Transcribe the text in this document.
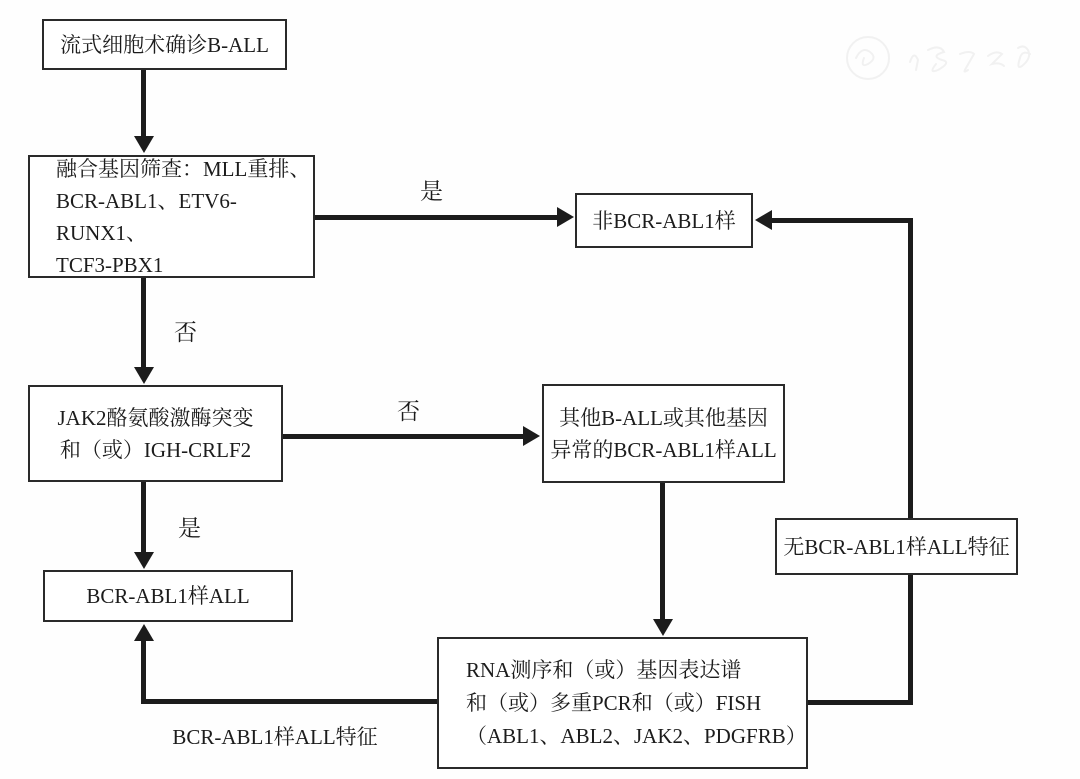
流式细胞术确诊B-ALL
融合基因筛查：MLL重排、
BCR-ABL1、ETV6-RUNX1、
TCF3-PBX1
非BCR-ABL1样
JAK2酪氨酸激酶突变
和（或）IGH-CRLF2
其他B-ALL或其他基因
异常的BCR-ABL1样ALL
BCR-ABL1样ALL
无BCR-ABL1样ALL特征
RNA测序和（或）基因表达谱
和（或）多重PCR和（或）FISH
（ABL1、ABL2、JAK2、PDGFRB）
是
否
否
是
BCR-ABL1样ALL特征
